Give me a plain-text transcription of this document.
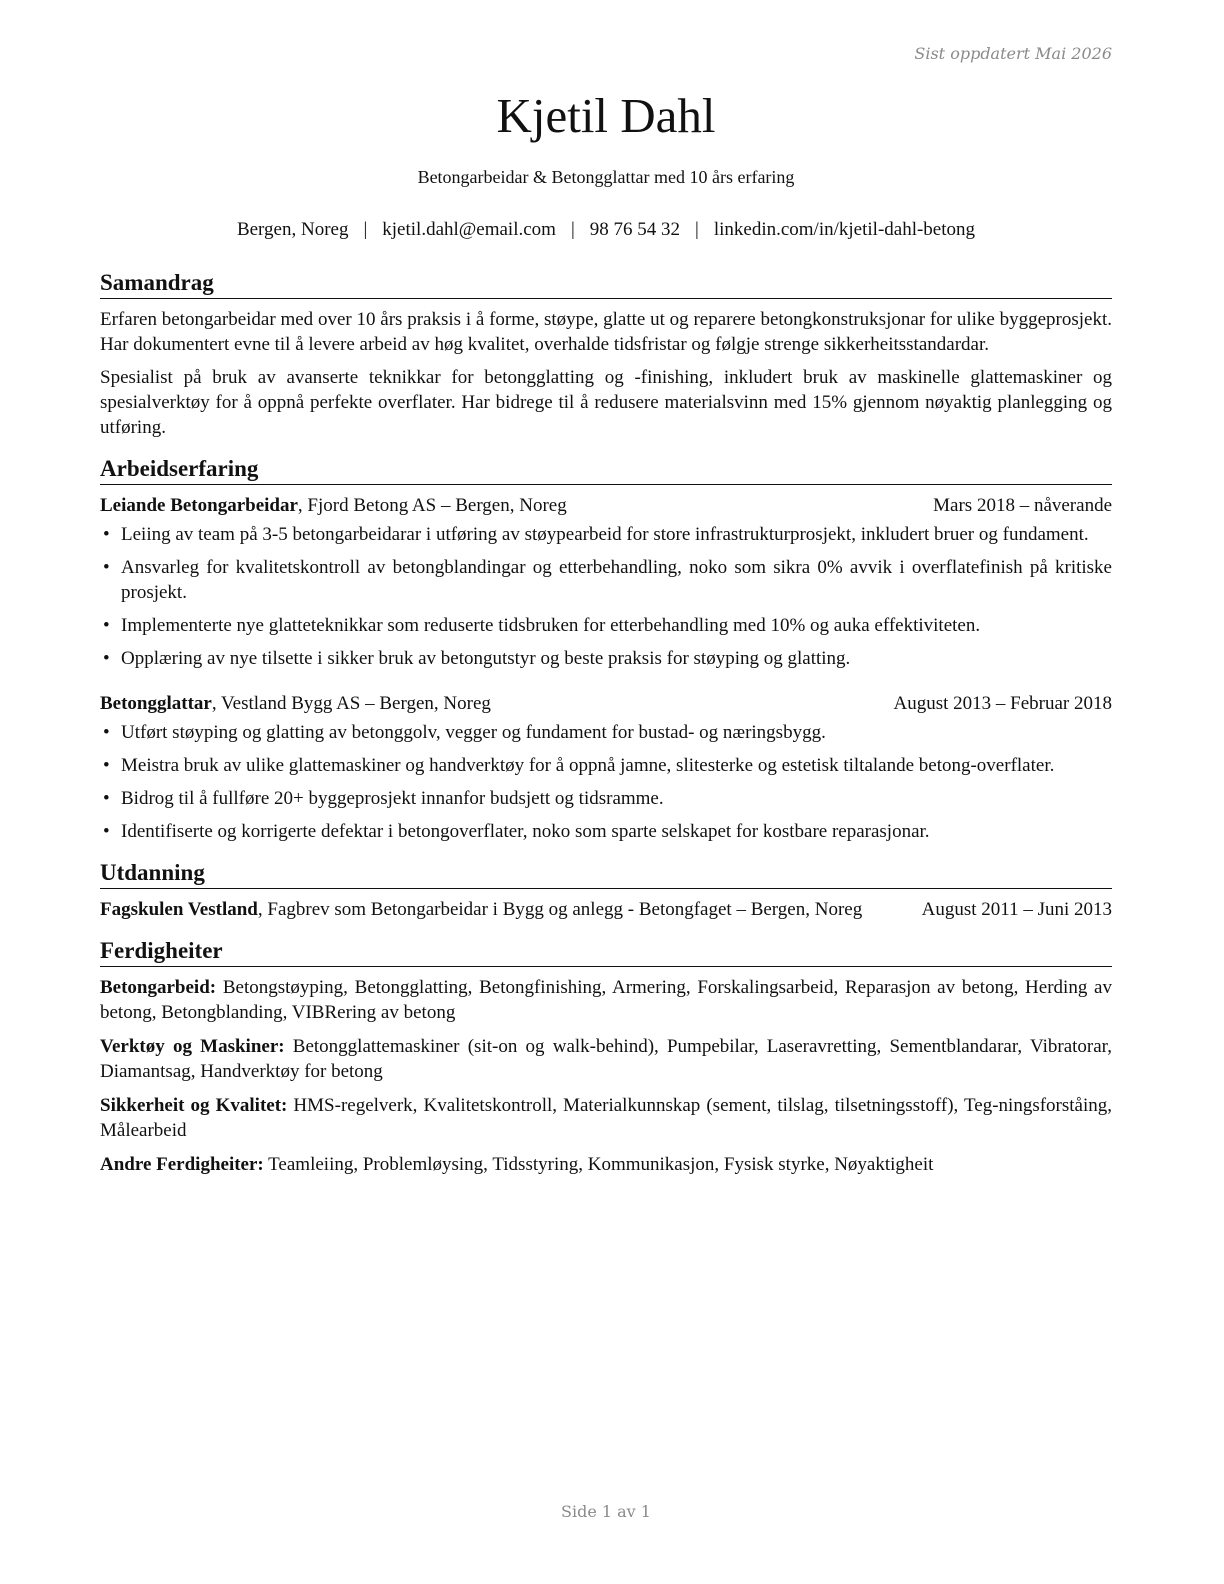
Sist oppdatert Mai 2026
Kjetil Dahl
Betongarbeidar & Betongglattar med 10 års erfaring
Bergen, Noreg | kjetil.dahl@email.com | 98 76 54 32 | linkedin.com/in/kjetil-dahl-betong
Samandrag

Erfaren betongarbeidar med over 10 års praksis i å forme, støype, glatte ut og reparere betongkonstruksjonar for ulike byggeprosjekt. Har dokumentert evne til å levere arbeid av høg kvalitet, overhalde tidsfristar og følgje strenge sikkerheitsstandardar.

Spesialist på bruk av avanserte teknikkar for betongglatting og -finishing, inkludert bruk av maskinelle glattemaskiner og spesialverktøy for å oppnå perfekte overflater. Har bidrege til å redusere materialsvinn med 15% gjennom nøyaktig planlegging og utføring.

Arbeidserfaring
Leiande Betongarbeidar, Fjord Betong AS – Bergen, Noreg	Mars 2018 – nåverande
• Leiing av team på 3-5 betongarbeidarar i utføring av støypearbeid for store infrastrukturprosjekt, inkludert bruer og fundament.
• Ansvarleg for kvalitetskontroll av betongblandingar og etterbehandling, noko som sikra 0% avvik i overflatefinish på kritiske prosjekt.
• Implementerte nye glatteteknikkar som reduserte tidsbruken for etterbehandling med 10% og auka effektiviteten.
• Opplæring av nye tilsette i sikker bruk av betongutstyr og beste praksis for støyping og glatting.
Betongglattar, Vestland Bygg AS – Bergen, Noreg	August 2013 – Februar 2018
• Utført støyping og glatting av betonggolv, vegger og fundament for bustad- og næringsbygg.
• Meistra bruk av ulike glattemaskiner og handverktøy for å oppnå jamne, slitesterke og estetisk tiltalande betong-overflater.
• Bidrog til å fullføre 20+ byggeprosjekt innanfor budsjett og tidsramme.
• Identifiserte og korrigerte defektar i betongoverflater, noko som sparte selskapet for kostbare reparasjonar.
Utdanning
Fagskulen Vestland, Fagbrev som Betongarbeidar i Bygg og anlegg - Betongfaget – Bergen, Noreg	August 2011 – Juni 2013
Ferdigheiter

Betongarbeid: Betongstøyping, Betongglatting, Betongfinishing, Armering, Forskalingsarbeid, Reparasjon av betong, Herding av betong, Betongblanding, VIBRering av betong

Verktøy og Maskiner: Betongglattemaskiner (sit-on og walk-behind), Pumpebilar, Laseravretting, Sementblandarar, Vibratorar, Diamantsag, Handverktøy for betong

Sikkerheit og Kvalitet: HMS-regelverk, Kvalitetskontroll, Materialkunnskap (sement, tilslag, tilsetningsstoff), Teg-ningsforståing, Målearbeid

Andre Ferdigheiter: Teamleiing, Problemløysing, Tidsstyring, Kommunikasjon, Fysisk styrke, Nøyaktigheit

Side 1 av 1
